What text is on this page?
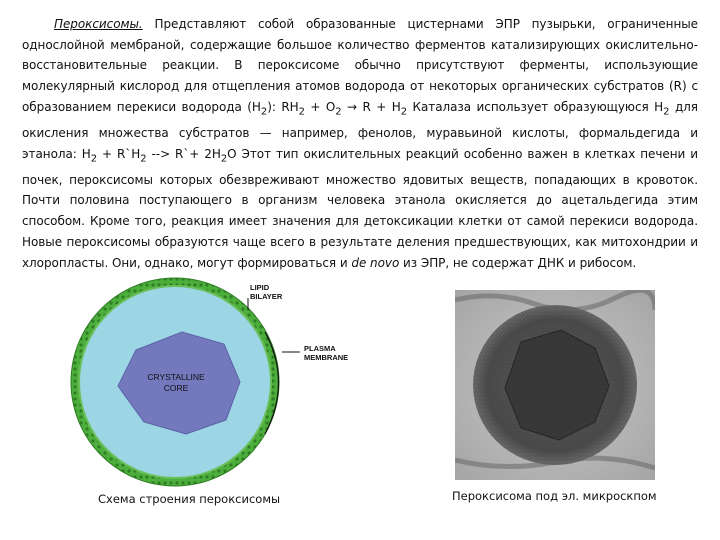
Пероксисомы. Представляют собой образованные цистернами ЭПР пузырьки, ограниченные однослойной мембраной, содержащие большое количество ферментов катализирующих окислительно-восстановительные реакции. В пероксисоме обычно присутствуют ферменты, использующие молекулярный кислород для отщепления атомов водорода от некоторых органических субстратов (R) с образованием перекиси водорода $(H_2)$: $RH_2 + O_2 \to R + H_2$ Каталаза использует образующуюся $H_2$ для окисления множества субстратов — например, фенолов, муравьиной кислоты, формальдегида и этанола: $H_2$ + $R`H_2$ --> R`+ $2H_2O$ Этот тип окислительных реакций особенно важен в клетках печени и почек, пероксисомы которых обезвреживают множество ядовитых веществ, попадающих в кровоток. Почти половина поступающего в организм человека этанола окисляется до ацетальдегида этим способом. Кроме того, реакция имеет значения для детоксикации клетки от самой перекиси водорода. Новые пероксисомы образуются чаще всего в результате деления предшествующих, как митохондрии и хлоропласты. Они, однако, могут формироваться и de novo из ЭПР, не содержат ДНК и рибосом.
CRYSTALLINE
CORE
LIPID
BILAYER
PLASMA
MEMBRANE
Схема строения пероксисомы	Пероксисома под эл. микроскпом
